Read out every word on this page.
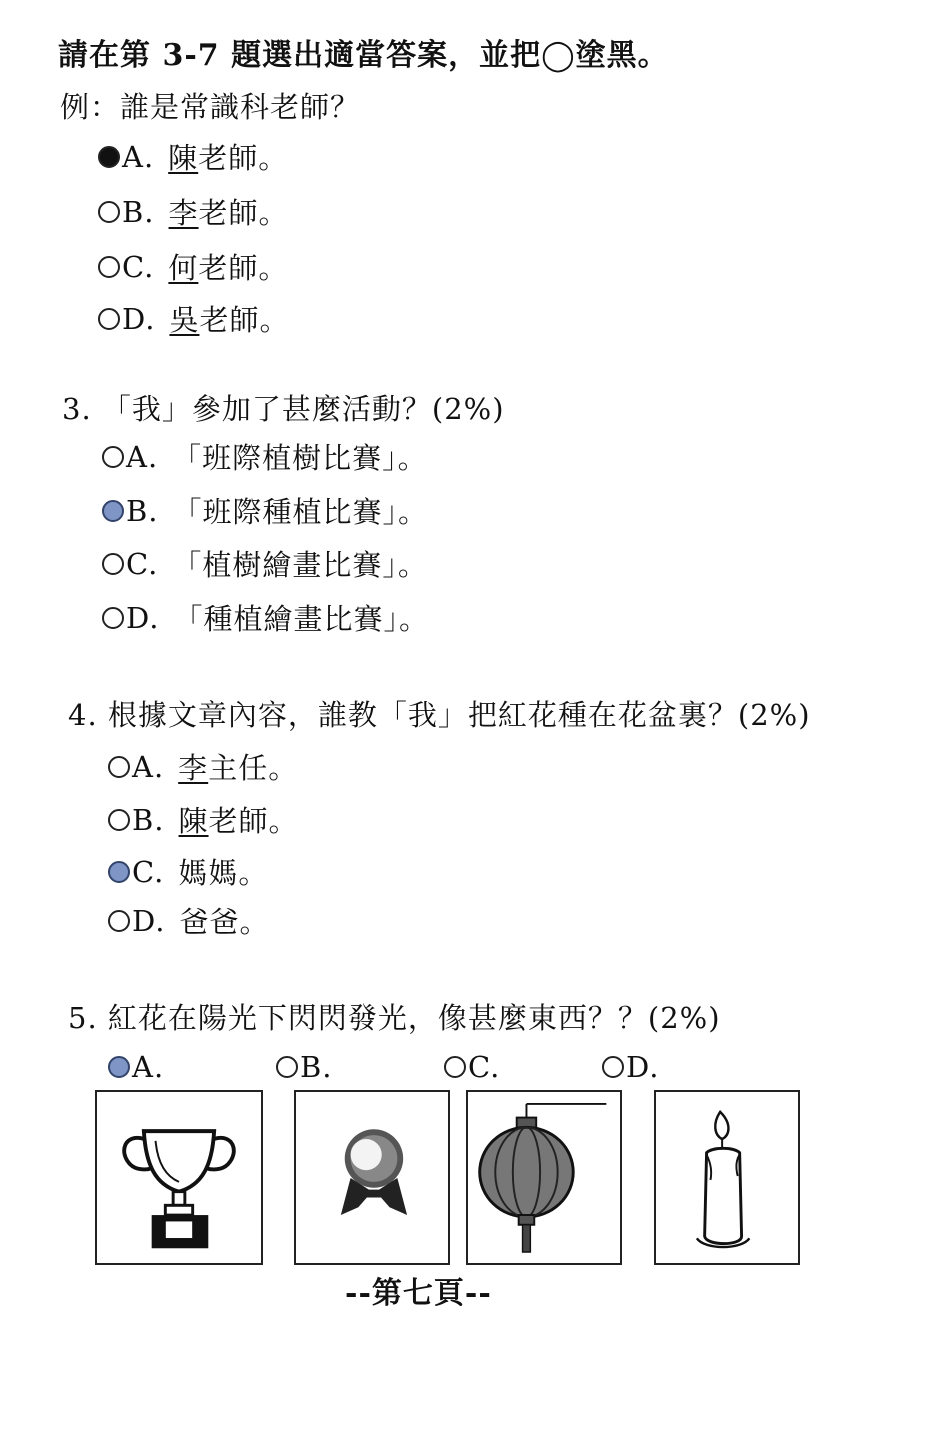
請在第 3-7 題選出適當答案，並把◯塗黑。
例：誰是常識科老師？
A. 陳老師。
B. 李老師。
C. 何老師。
D. 吳老師。
3. 「我」參加了甚麼活動？(2%)
A. 「班際植樹比賽」。
B. 「班際種植比賽」。
C. 「植樹繪畫比賽」。
D. 「種植繪畫比賽」。
4. 根據文章內容，誰教「我」把紅花種在花盆裏？(2%)
A. 李主任。
B. 陳老師。
C. 媽媽。
D. 爸爸。
5. 紅花在陽光下閃閃發光，像甚麼東西？？(2%)
A.	B.	C.	D.
--第七頁--
